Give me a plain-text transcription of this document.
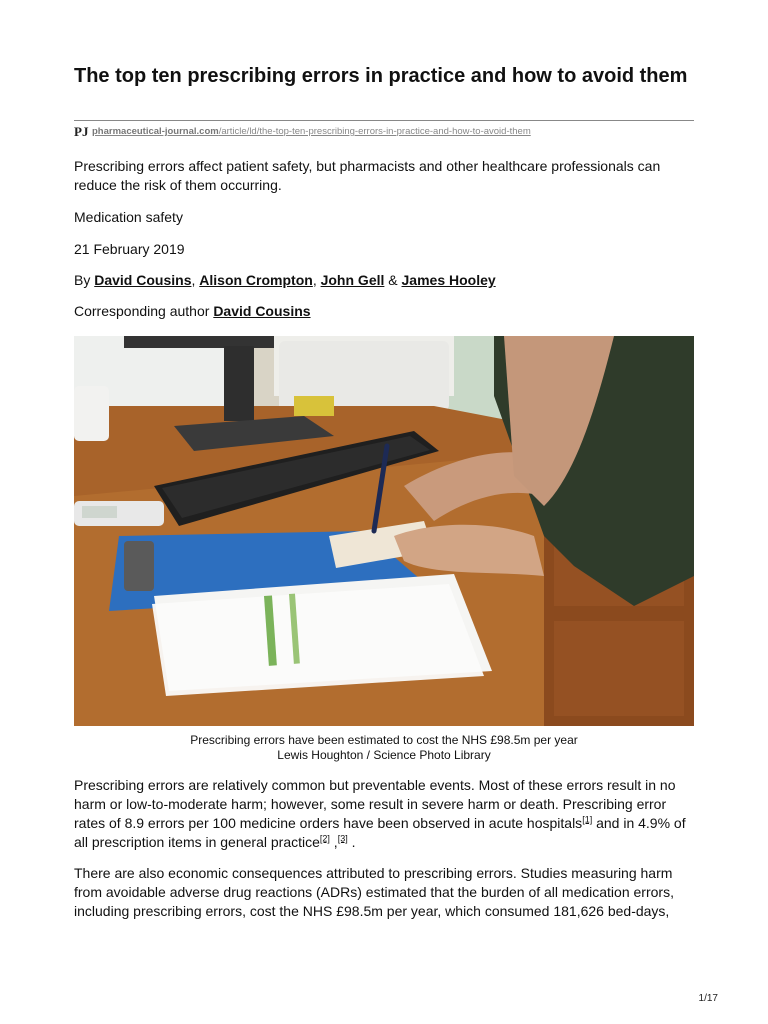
The top ten prescribing errors in practice and how to avoid them
PJ pharmaceutical-journal.com/article/ld/the-top-ten-prescribing-errors-in-practice-and-how-to-avoid-them

Prescribing errors affect patient safety, but pharmacists and other healthcare professionals can reduce the risk of them occurring.

Medication safety

21 February 2019

By David Cousins, Alison Crompton, John Gell & James Hooley

Corresponding author David Cousins

Prescribing errors have been estimated to cost the NHS £98.5m per year
Lewis Houghton / Science Photo Library

Prescribing errors are relatively common but preventable events. Most of these errors result in no harm or low-to-moderate harm; however, some result in severe harm or death. Prescribing error rates of 8.9 errors per 100 medicine orders have been observed in acute hospitals[1] and in 4.9% of all prescription items in general practice[2] ,[3] .

There are also economic consequences attributed to prescribing errors. Studies measuring harm from avoidable adverse drug reactions (ADRs) estimated that the burden of all medication errors, including prescribing errors, cost the NHS £98.5m per year, which consumed 181,626 bed-days,

1/17
